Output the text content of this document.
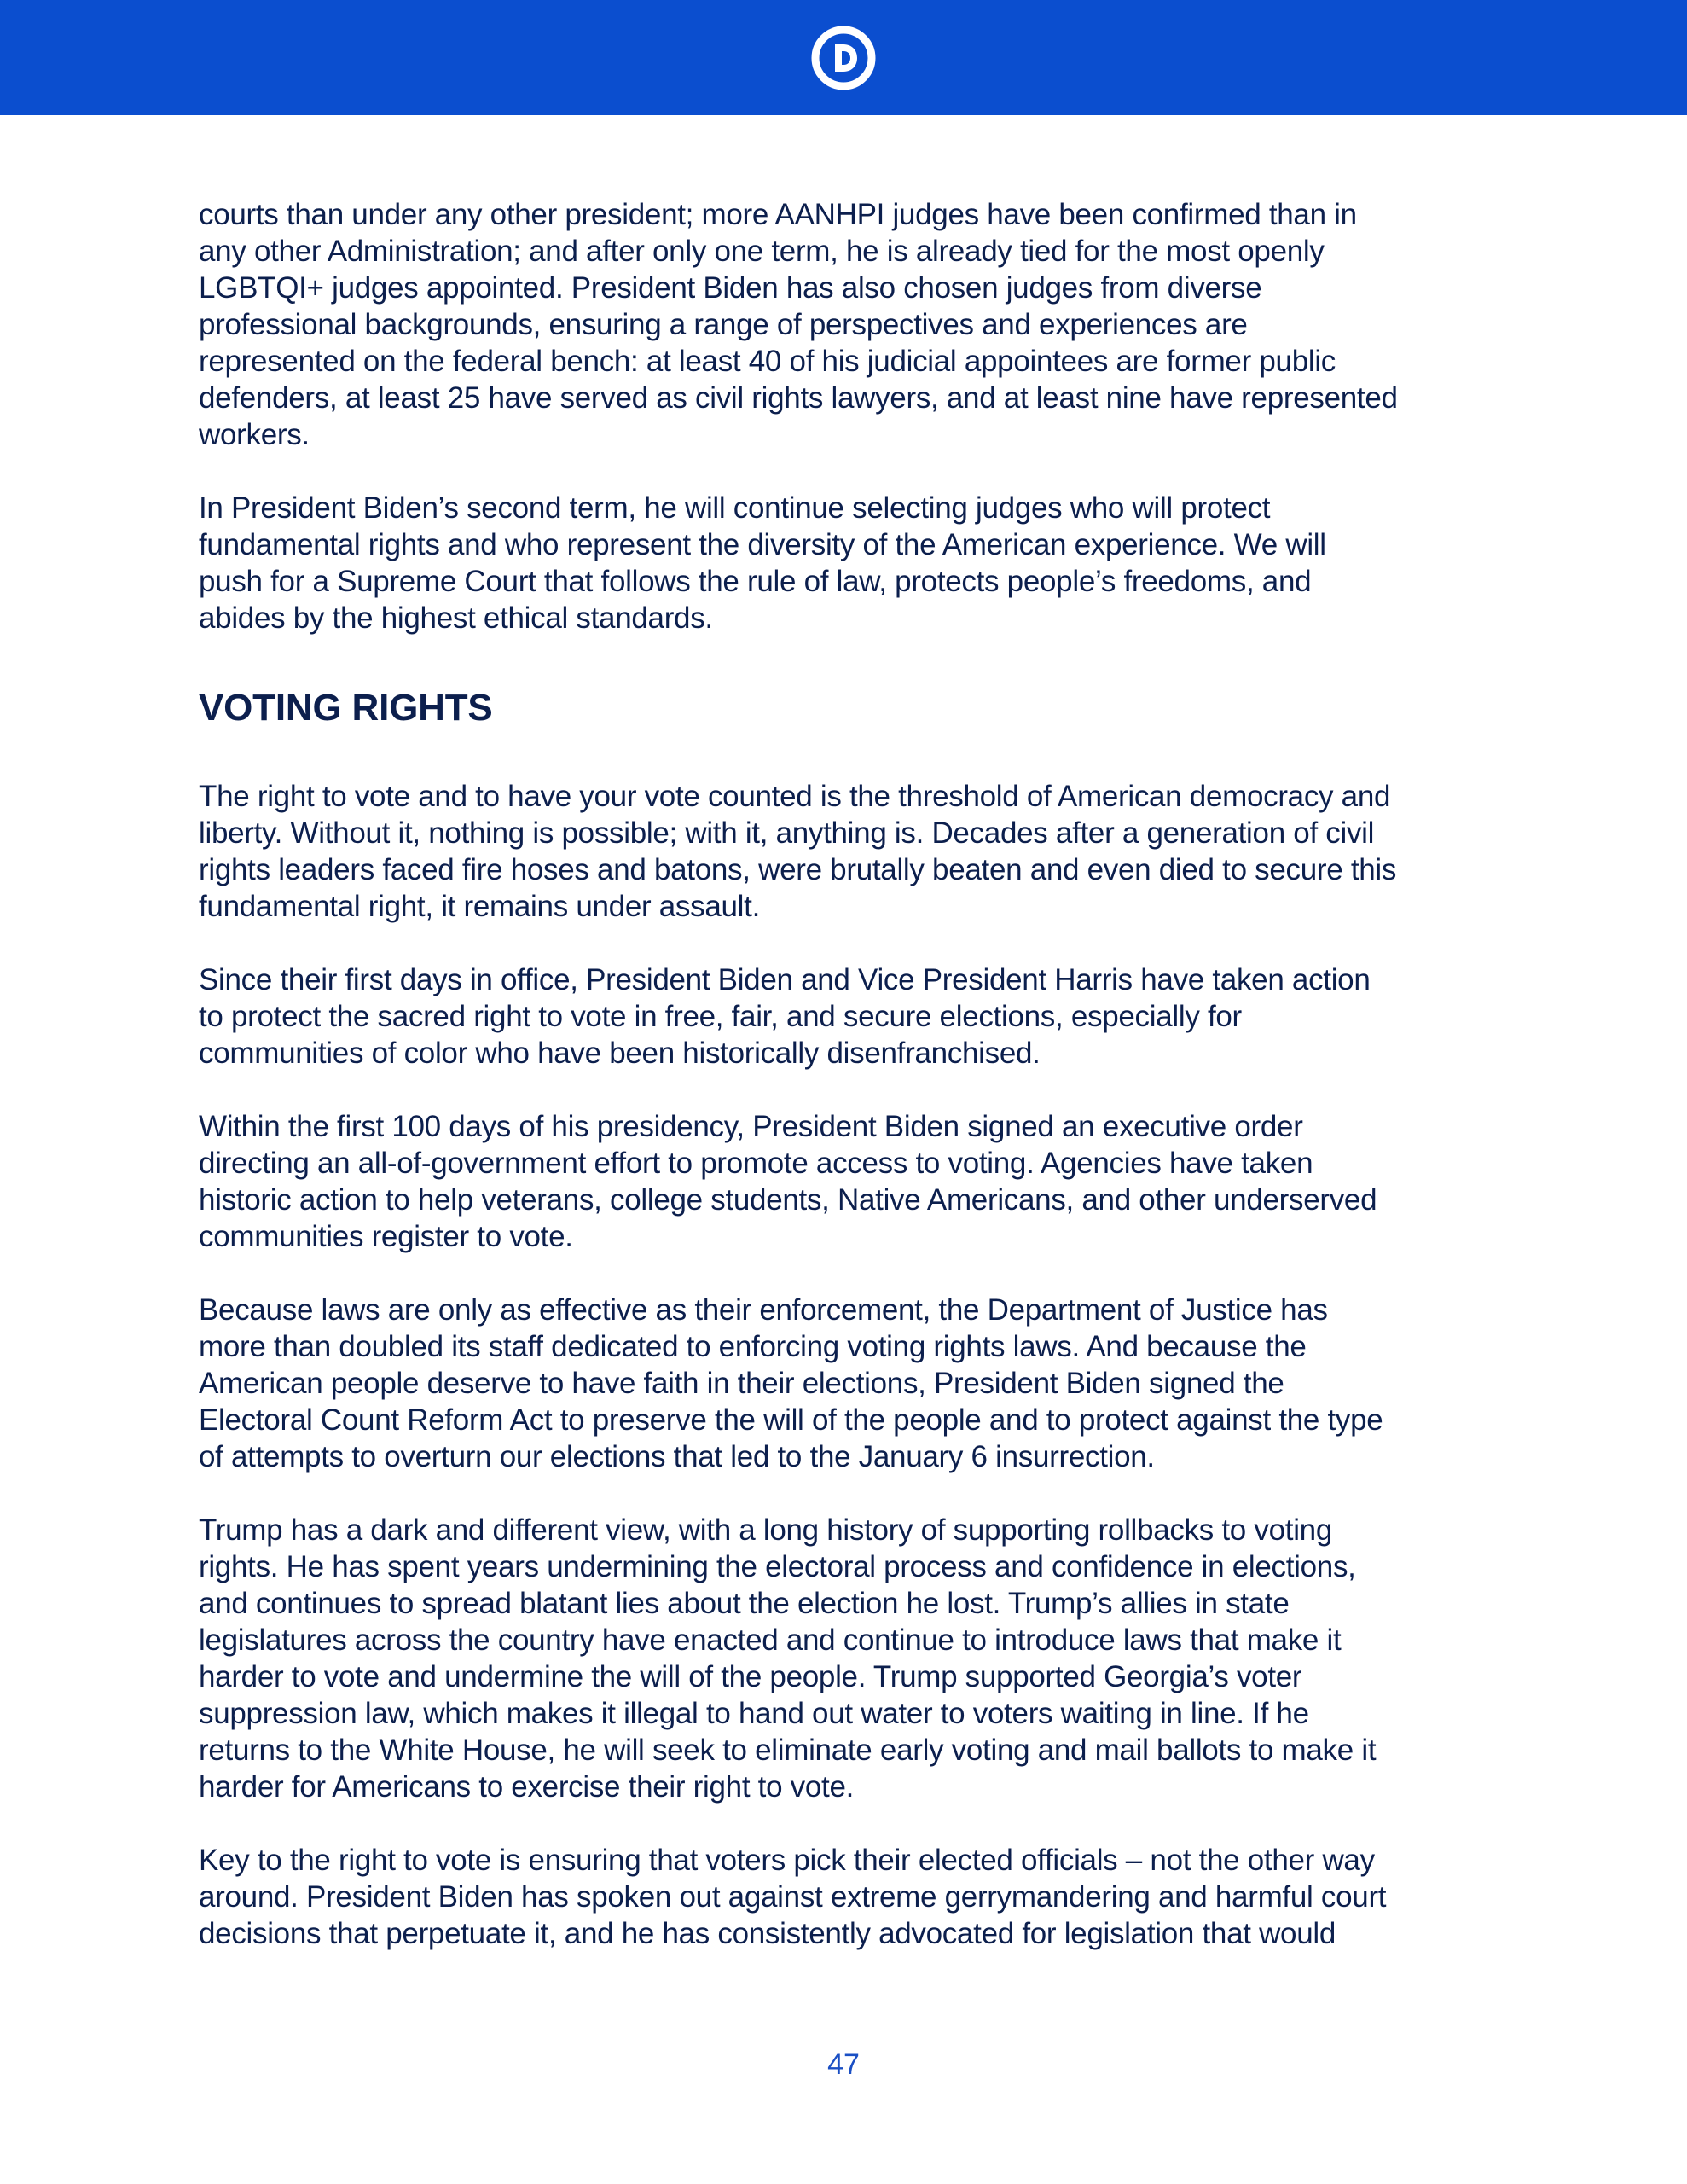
courts than under any other president; more AANHPI judges have been confirmed than in
any other Administration; and after only one term, he is already tied for the most openly
LGBTQI+ judges appointed. President Biden has also chosen judges from diverse
professional backgrounds, ensuring a range of perspectives and experiences are
represented on the federal bench: at least 40 of his judicial appointees are former public
defenders, at least 25 have served as civil rights lawyers, and at least nine have represented
workers.

In President Biden’s second term, he will continue selecting judges who will protect
fundamental rights and who represent the diversity of the American experience. We will
push for a Supreme Court that follows the rule of law, protects people’s freedoms, and
abides by the highest ethical standards.

VOTING RIGHTS

The right to vote and to have your vote counted is the threshold of American democracy and
liberty. Without it, nothing is possible; with it, anything is. Decades after a generation of civil
rights leaders faced fire hoses and batons, were brutally beaten and even died to secure this
fundamental right, it remains under assault.

Since their first days in office, President Biden and Vice President Harris have taken action
to protect the sacred right to vote in free, fair, and secure elections, especially for
communities of color who have been historically disenfranchised.

Within the first 100 days of his presidency, President Biden signed an executive order
directing an all-of-government effort to promote access to voting. Agencies have taken
historic action to help veterans, college students, Native Americans, and other underserved
communities register to vote.

Because laws are only as effective as their enforcement, the Department of Justice has
more than doubled its staff dedicated to enforcing voting rights laws. And because the
American people deserve to have faith in their elections, President Biden signed the
Electoral Count Reform Act to preserve the will of the people and to protect against the type
of attempts to overturn our elections that led to the January 6 insurrection.

Trump has a dark and different view, with a long history of supporting rollbacks to voting
rights. He has spent years undermining the electoral process and confidence in elections,
and continues to spread blatant lies about the election he lost. Trump’s allies in state
legislatures across the country have enacted and continue to introduce laws that make it
harder to vote and undermine the will of the people. Trump supported Georgia’s voter
suppression law, which makes it illegal to hand out water to voters waiting in line. If he
returns to the White House, he will seek to eliminate early voting and mail ballots to make it
harder for Americans to exercise their right to vote.

Key to the right to vote is ensuring that voters pick their elected officials – not the other way
around. President Biden has spoken out against extreme gerrymandering and harmful court
decisions that perpetuate it, and he has consistently advocated for legislation that would

47
